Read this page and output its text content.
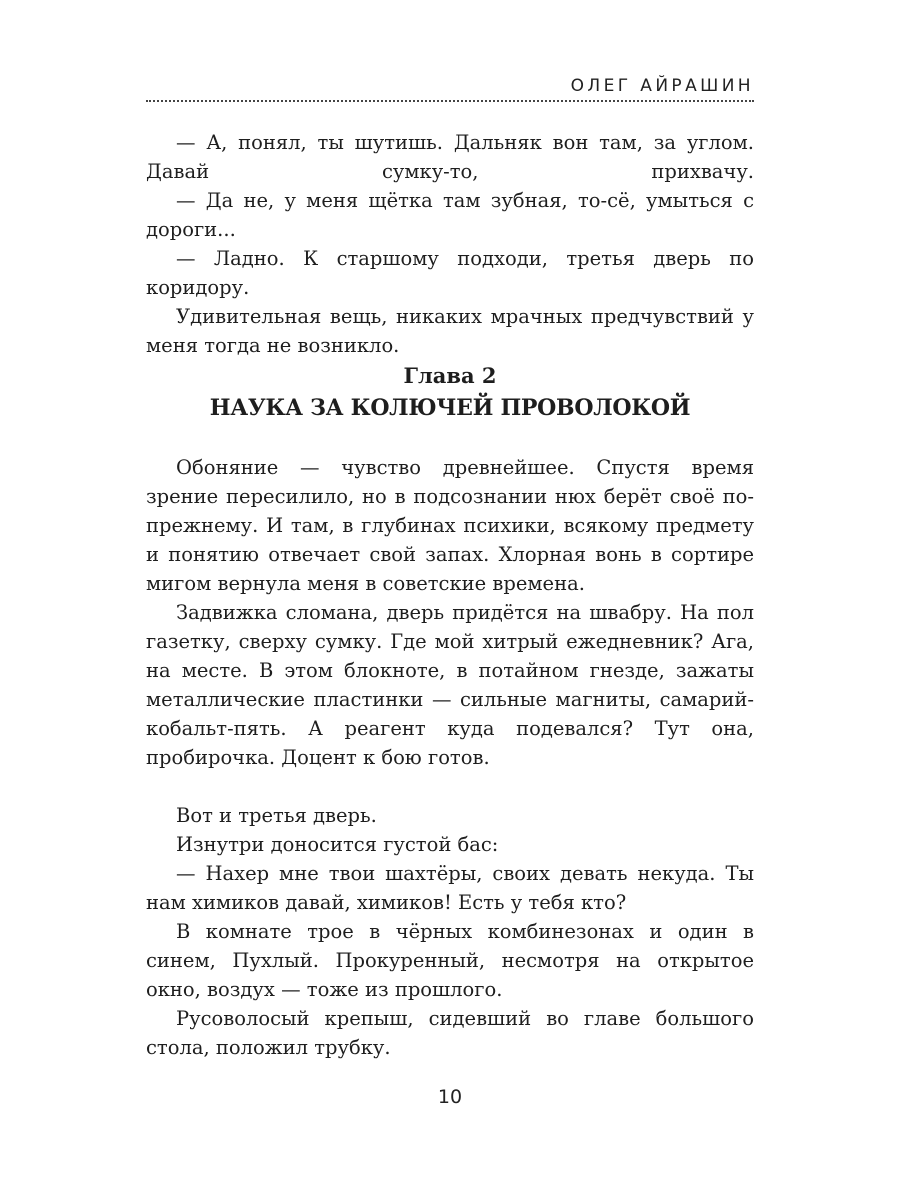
ОЛЕГ АЙРАШИН

— А, понял, ты шутишь. Дальняк вон там, за углом. Давай сумку-то, прихвачу.

— Да не, у меня щётка там зубная, то-сё, умыться с дороги...

— Ладно. К старшому подходи, третья дверь по коридору.

Удивительная вещь, никаких мрачных предчувствий у меня тогда не возникло.

Глава 2
НАУКА ЗА КОЛЮЧЕЙ ПРОВОЛОКОЙ

Обоняние — чувство древнейшее. Спустя время зрение пересилило, но в подсознании нюх берёт своё по-прежнему. И там, в глубинах психики, всякому предмету и понятию отвечает свой запах. Хлорная вонь в сортире мигом вернула меня в советские времена.

Задвижка сломана, дверь придётся на швабру. На пол газетку, сверху сумку. Где мой хитрый ежедневник? Ага, на месте. В этом блокноте, в потайном гнезде, зажаты металлические пластинки — сильные магниты, самарий-кобальт-пять. А реагент куда подевался? Тут она, пробирочка. Доцент к бою готов.

Вот и третья дверь.

Изнутри доносится густой бас:

— Нахер мне твои шахтёры, своих девать некуда. Ты нам химиков давай, химиков! Есть у тебя кто?

В комнате трое в чёрных комбинезонах и один в синем, Пухлый. Прокуренный, несмотря на открытое окно, воздух — тоже из прошлого.

Русоволосый крепыш, сидевший во главе большого стола, положил трубку.

10
